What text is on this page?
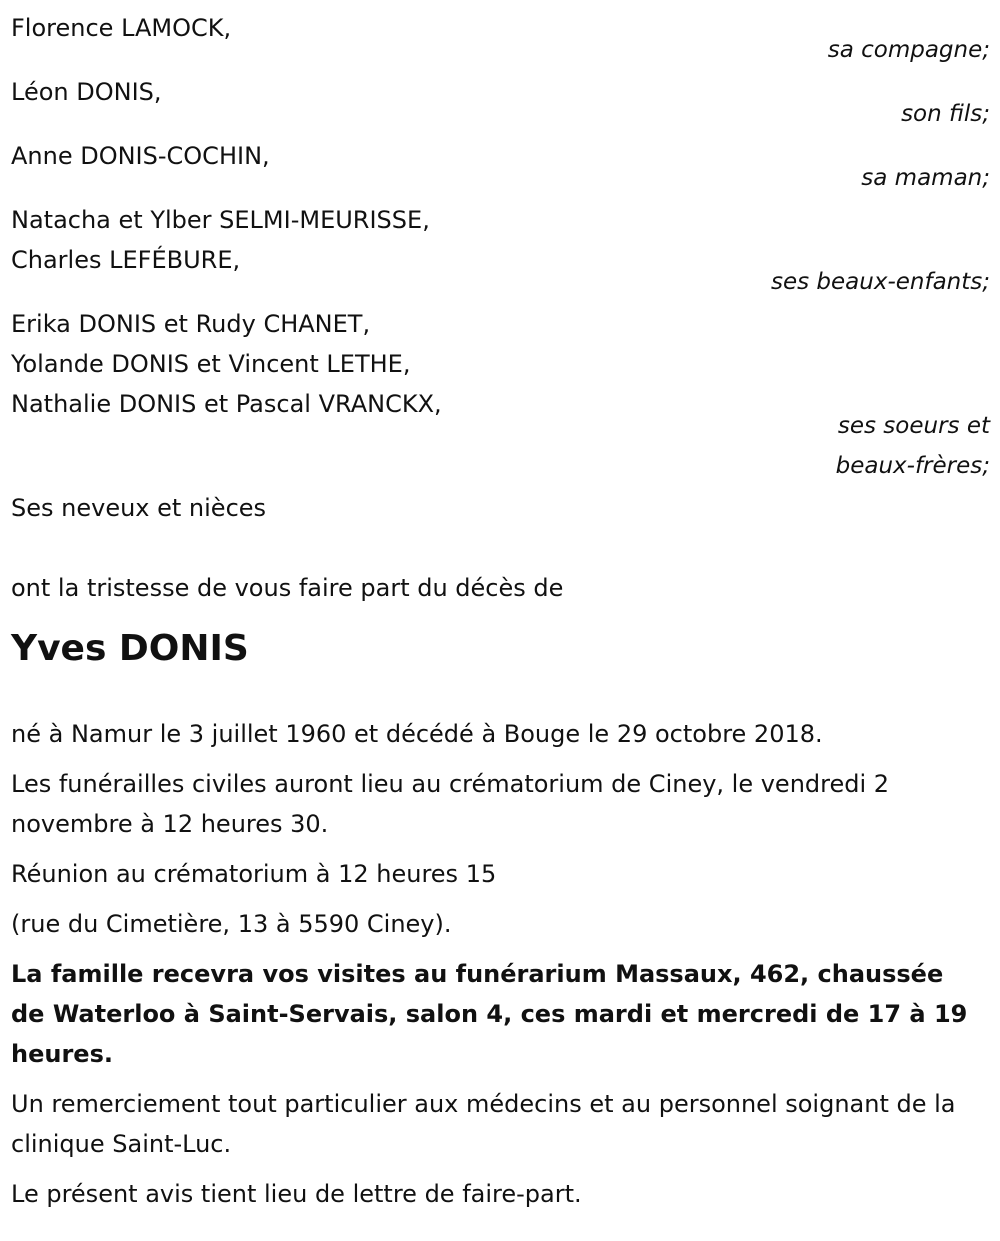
Florence LAMOCK,
sa compagne;
Léon DONIS,
son fils;
Anne DONIS-COCHIN,
sa maman;
Natacha et Ylber SELMI-MEURISSE,
Charles LEFÉBURE,
ses beaux-enfants;
Erika DONIS et Rudy CHANET,
Yolande DONIS et Vincent LETHE,
Nathalie DONIS et Pascal VRANCKX,
ses soeurs et
beaux-frères;
Ses neveux et nièces
ont la tristesse de vous faire part du décès de
Yves DONIS
né à Namur le 3 juillet 1960 et décédé à Bouge le 29 octobre 2018.
Les funérailles civiles auront lieu au crématorium de Ciney, le vendredi 2 novembre à 12 heures 30.
Réunion au crématorium à 12 heures 15
(rue du Cimetière, 13 à 5590 Ciney).
La famille recevra vos visites au funérarium Massaux, 462, chaussée de Waterloo à Saint-Servais, salon 4, ces mardi et mercredi de 17 à 19 heures.
Un remerciement tout particulier aux médecins et au personnel soignant de la clinique Saint-Luc.
Le présent avis tient lieu de lettre de faire-part.
